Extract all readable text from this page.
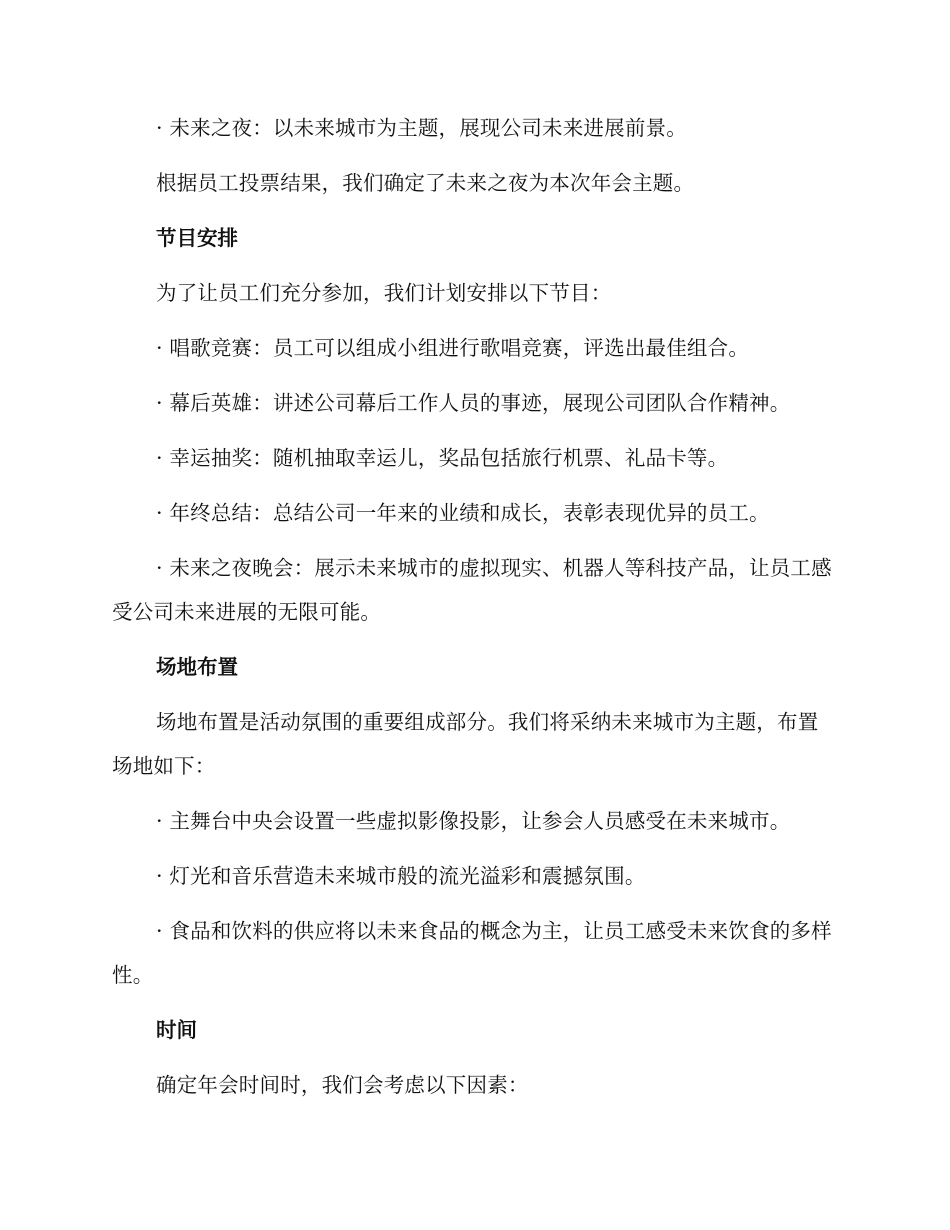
· 未来之夜：以未来城市为主题，展现公司未来进展前景。

根据员工投票结果，我们确定了未来之夜为本次年会主题。

节目安排

为了让员工们充分参加，我们计划安排以下节目：

· 唱歌竞赛：员工可以组成小组进行歌唱竞赛，评选出最佳组合。

· 幕后英雄：讲述公司幕后工作人员的事迹，展现公司团队合作精神。

· 幸运抽奖：随机抽取幸运儿，奖品包括旅行机票、礼品卡等。

· 年终总结：总结公司一年来的业绩和成长，表彰表现优异的员工。

· 未来之夜晚会：展示未来城市的虚拟现实、机器人等科技产品，让员工感受公司未来进展的无限可能。

场地布置

场地布置是活动氛围的重要组成部分。我们将采纳未来城市为主题，布置场地如下：

· 主舞台中央会设置一些虚拟影像投影，让参会人员感受在未来城市。

· 灯光和音乐营造未来城市般的流光溢彩和震撼氛围。

· 食品和饮料的供应将以未来食品的概念为主，让员工感受未来饮食的多样性。

时间

确定年会时间时，我们会考虑以下因素：
